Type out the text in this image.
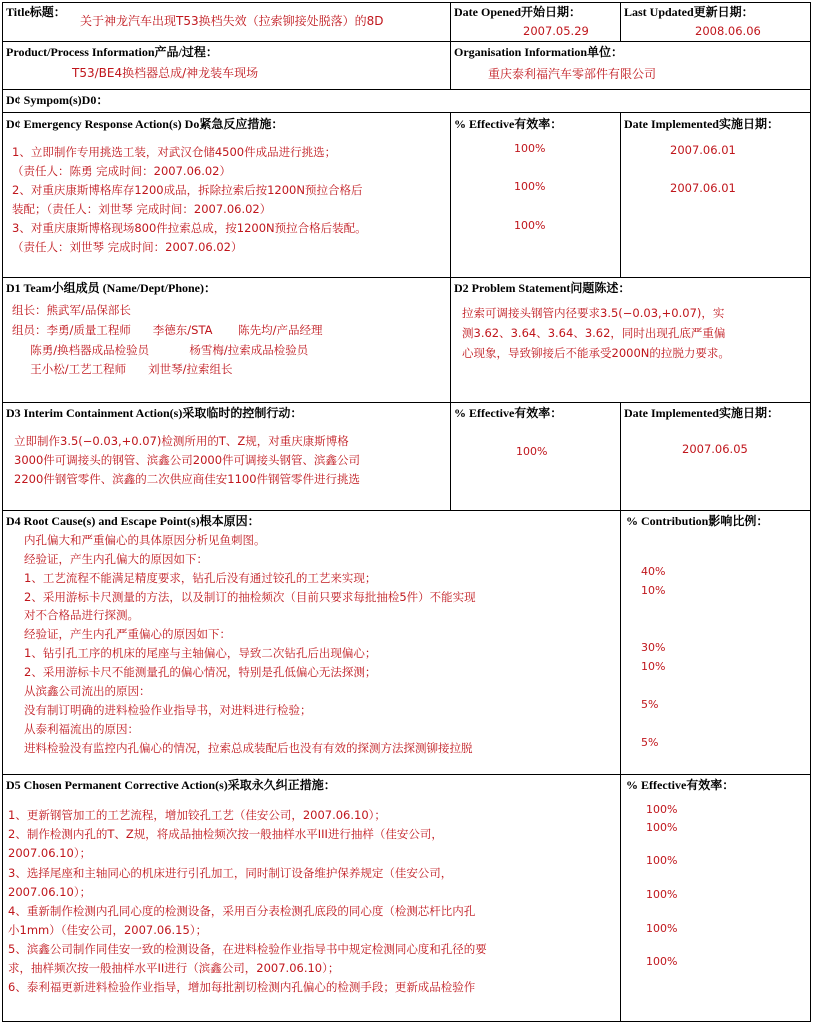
Title标题：
关于神龙汽车出现T53换档失效（拉索铆接处脱落）的8D
Date Opened开始日期：
2007.05.29
Last Updated更新日期：
2008.06.06
Product/Process Information产品/过程：
T53/BE4换档器总成/神龙装车现场
Organisation Information单位：
重庆泰利福汽车零部件有限公司
D¢ Sympom(s)D0：
D¢ Emergency Response Action(s) Do紧急反应措施：
1、立即制作专用挑选工装，对武汉仓储4500件成品进行挑选；
（责任人：陈勇 完成时间：2007.06.02）
2、对重庆康斯博格库存1200成品，拆除拉索后按1200N预拉合格后
装配；（责任人：刘世琴 完成时间：2007.06.02）
3、对重庆康斯博格现场800件拉索总成，按1200N预拉合格后装配。
（责任人：刘世琴 完成时间：2007.06.02）
% Effective有效率：
100%
100%
100%
Date Implemented实施日期：
2007.06.01
2007.06.01
D1 Team小组成员 (Name/Dept/Phone)：
组长：熊武军/品保部长
组员：李勇/质量工程师      李德东/STA       陈先均/产品经理
陈勇/换档器成品检验员           杨雪梅/拉索成品检验员
王小松/工艺工程师      刘世琴/拉索组长
D2 Problem Statement问题陈述：
拉索可调接头钢管内径要求3.5(−0.03,+0.07)，实
测3.62、3.64、3.64、3.62，同时出现孔底严重偏
心现象，导致铆接后不能承受2000N的拉脱力要求。
D3 Interim Containment Action(s)采取临时的控制行动：
立即制作3.5(−0.03,+0.07)检测所用的T、Z规，对重庆康斯博格
3000件可调接头的钢管、滨鑫公司2000件可调接头钢管、滨鑫公司
2200件钢管零件、滨鑫的二次供应商佳安1100件钢管零件进行挑选
% Effective有效率：
100%
Date Implemented实施日期：
2007.06.05
D4 Root Cause(s) and Escape Point(s)根本原因：
内孔偏大和严重偏心的具体原因分析见鱼刺图。
经验证，产生内孔偏大的原因如下：
1、工艺流程不能满足精度要求，钻孔后没有通过铰孔的工艺来实现；
2、采用游标卡尺测量的方法，以及制订的抽检频次（目前只要求每批抽检5件）不能实现
对不合格品进行探测。
经验证，产生内孔严重偏心的原因如下：
1、钻引孔工序的机床的尾座与主轴偏心，导致二次钻孔后出现偏心；
2、采用游标卡尺不能测量孔的偏心情况，特别是孔低偏心无法探测；
从滨鑫公司流出的原因：
没有制订明确的进料检验作业指导书，对进料进行检验；
从泰利福流出的原因：
进料检验没有监控内孔偏心的情况，拉索总成装配后也没有有效的探测方法探测铆接拉脱
% Contribution影响比例：
40%
10%
30%
10%
5%
5%
D5 Chosen Permanent Corrective Action(s)采取永久纠正措施：
1、更新钢管加工的工艺流程，增加铰孔工艺（佳安公司，2007.06.10）；
2、制作检测内孔的T、Z规，将成品抽检频次按一般抽样水平III进行抽样（佳安公司，
2007.06.10）；
3、选择尾座和主轴同心的机床进行引孔加工，同时制订设备维护保养规定（佳安公司，
2007.06.10）；
4、重新制作检测内孔同心度的检测设备，采用百分表检测孔底段的同心度（检测芯杆比内孔
小1mm）（佳安公司，2007.06.15）；
5、滨鑫公司制作同佳安一致的检测设备，在进料检验作业指导书中规定检测同心度和孔径的要
求，抽样频次按一般抽样水平II进行（滨鑫公司，2007.06.10）；
6、泰利福更新进料检验作业指导，增加每批割切检测内孔偏心的检测手段；更新成品检验作
% Effective有效率：
100%
100%
100%
100%
100%
100%
